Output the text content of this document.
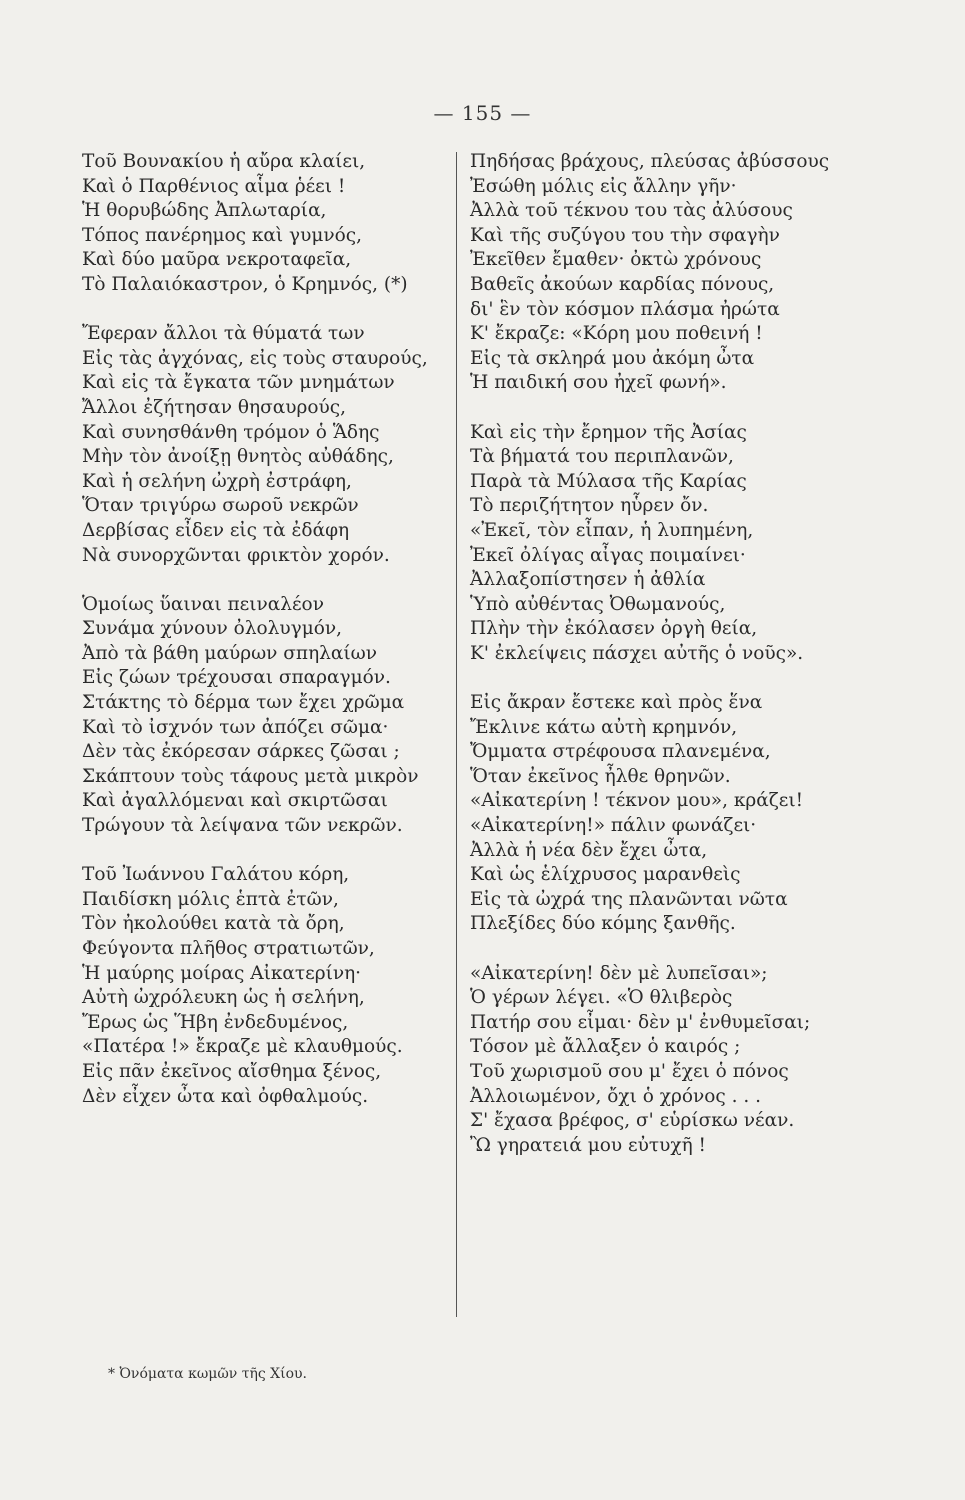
— 155 —
Τοῦ Βουνακίου ἡ αὔρα κλαίει,
Καὶ ὁ Παρθένιος αἷμα ῥέει !
Ἡ θορυβώδης Ἀπλωταρία,
Τόπος πανέρημος καὶ γυμνός,
Καὶ δύο μαῦρα νεκροταφεῖα,
Τὸ Παλαιόκαστρον, ὁ Κρημνός, (*)
Ἔφεραν ἄλλοι τὰ θύματά των
Εἰς τὰς ἀγχόνας, εἰς τοὺς σταυρούς,
Καὶ εἰς τὰ ἔγκατα τῶν μνημάτων
Ἄλλοι ἐζήτησαν θησαυρούς,
Καὶ συνησθάνθη τρόμον ὁ Ἅδης
Μὴν τὸν ἀνοίξῃ θνητὸς αὐθάδης,
Καὶ ἡ σελήνη ὠχρὴ ἐστράφη,
Ὅταν τριγύρω σωροῦ νεκρῶν
Δερβίσας εἶδεν εἰς τὰ ἐδάφη
Νὰ συνορχῶνται φρικτὸν χορόν.
Ὁμοίως ὕαιναι πειναλέον
Συνάμα χύνουν ὀλολυγμόν,
Ἀπὸ τὰ βάθη μαύρων σπηλαίων
Εἰς ζώων τρέχουσαι σπαραγμόν.
Στάκτης τὸ δέρμα των ἔχει χρῶμα
Καὶ τὸ ἰσχνόν των ἀπόζει σῶμα·
Δὲν τὰς ἐκόρεσαν σάρκες ζῶσαι ;
Σκάπτουν τοὺς τάφους μετὰ μικρὸν
Καὶ ἀγαλλόμεναι καὶ σκιρτῶσαι
Τρώγουν τὰ λείψανα τῶν νεκρῶν.
Τοῦ Ἰωάννου Γαλάτου κόρη,
Παιδίσκη μόλις ἑπτὰ ἐτῶν,
Τὸν ἠκολούθει κατὰ τὰ ὄρη,
Φεύγοντα πλῆθος στρατιωτῶν,
Ἡ μαύρης μοίρας Αἰκατερίνη·
Αὐτὴ ὠχρόλευκη ὡς ἡ σελήνη,
Ἔρως ὡς Ἥβη ἐνδεδυμένος,
«Πατέρα !» ἔκραζε μὲ κλαυθμούς.
Εἰς πᾶν ἐκεῖνος αἴσθημα ξένος,
Δὲν εἶχεν ὦτα καὶ ὀφθαλμούς.
Πηδήσας βράχους, πλεύσας ἀβύσσους
Ἐσώθη μόλις εἰς ἄλλην γῆν·
Ἀλλὰ τοῦ τέκνου του τὰς ἀλύσους
Καὶ τῆς συζύγου του τὴν σφαγὴν
Ἐκεῖθεν ἔμαθεν· ὀκτὼ χρόνους
Βαθεῖς ἀκούων καρδίας πόνους,
δι' ἓν τὸν κόσμον πλάσμα ἠρώτα
Κ' ἔκραζε: «Κόρη μου ποθεινή !
Εἰς τὰ σκληρά μου ἀκόμη ὦτα
Ἡ παιδική σου ἠχεῖ φωνή».
Καὶ εἰς τὴν ἔρημον τῆς Ἀσίας
Τὰ βήματά του περιπλανῶν,
Παρὰ τὰ Μύλασα τῆς Καρίας
Τὸ περιζήτητον ηὗρεν ὄν.
«Ἐκεῖ, τὸν εἶπαν, ἡ λυπημένη,
Ἐκεῖ ὀλίγας αἶγας ποιμαίνει·
Ἀλλαξοπίστησεν ἡ ἀθλία
Ὑπὸ αὐθέντας Ὀθωμανούς,
Πλὴν τὴν ἐκόλασεν ὀργὴ θεία,
Κ' ἐκλείψεις πάσχει αὐτῆς ὁ νοῦς».
Εἰς ἄκραν ἔστεκε καὶ πρὸς ἕνα
Ἔκλινε κάτω αὐτὴ κρημνόν,
Ὄμματα στρέφουσα πλανεμένα,
Ὅταν ἐκεῖνος ἦλθε θρηνῶν.
«Αἰκατερίνη ! τέκνον μου», κράζει!
«Αἰκατερίνη!» πάλιν φωνάζει·
Ἀλλὰ ἡ νέα δὲν ἔχει ὦτα,
Καὶ ὡς ἑλίχρυσος μαρανθεὶς
Εἰς τὰ ὠχρά της πλανῶνται νῶτα
Πλεξίδες δύο κόμης ξανθῆς.
«Αἰκατερίνη! δὲν μὲ λυπεῖσαι»;
Ὁ γέρων λέγει. «Ὁ θλιβερὸς
Πατήρ σου εἶμαι· δὲν μ' ἐνθυμεῖσαι;
Τόσον μὲ ἄλλαξεν ὁ καιρός ;
Τοῦ χωρισμοῦ σου μ' ἔχει ὁ πόνος
Ἀλλοιωμένον, ὄχι ὁ χρόνος . . .
Σ' ἔχασα βρέφος, σ' εὑρίσκω νέαν.
Ὢ γηρατειά μου εὐτυχῆ !
* Ὀνόματα κωμῶν τῆς Χίου.
